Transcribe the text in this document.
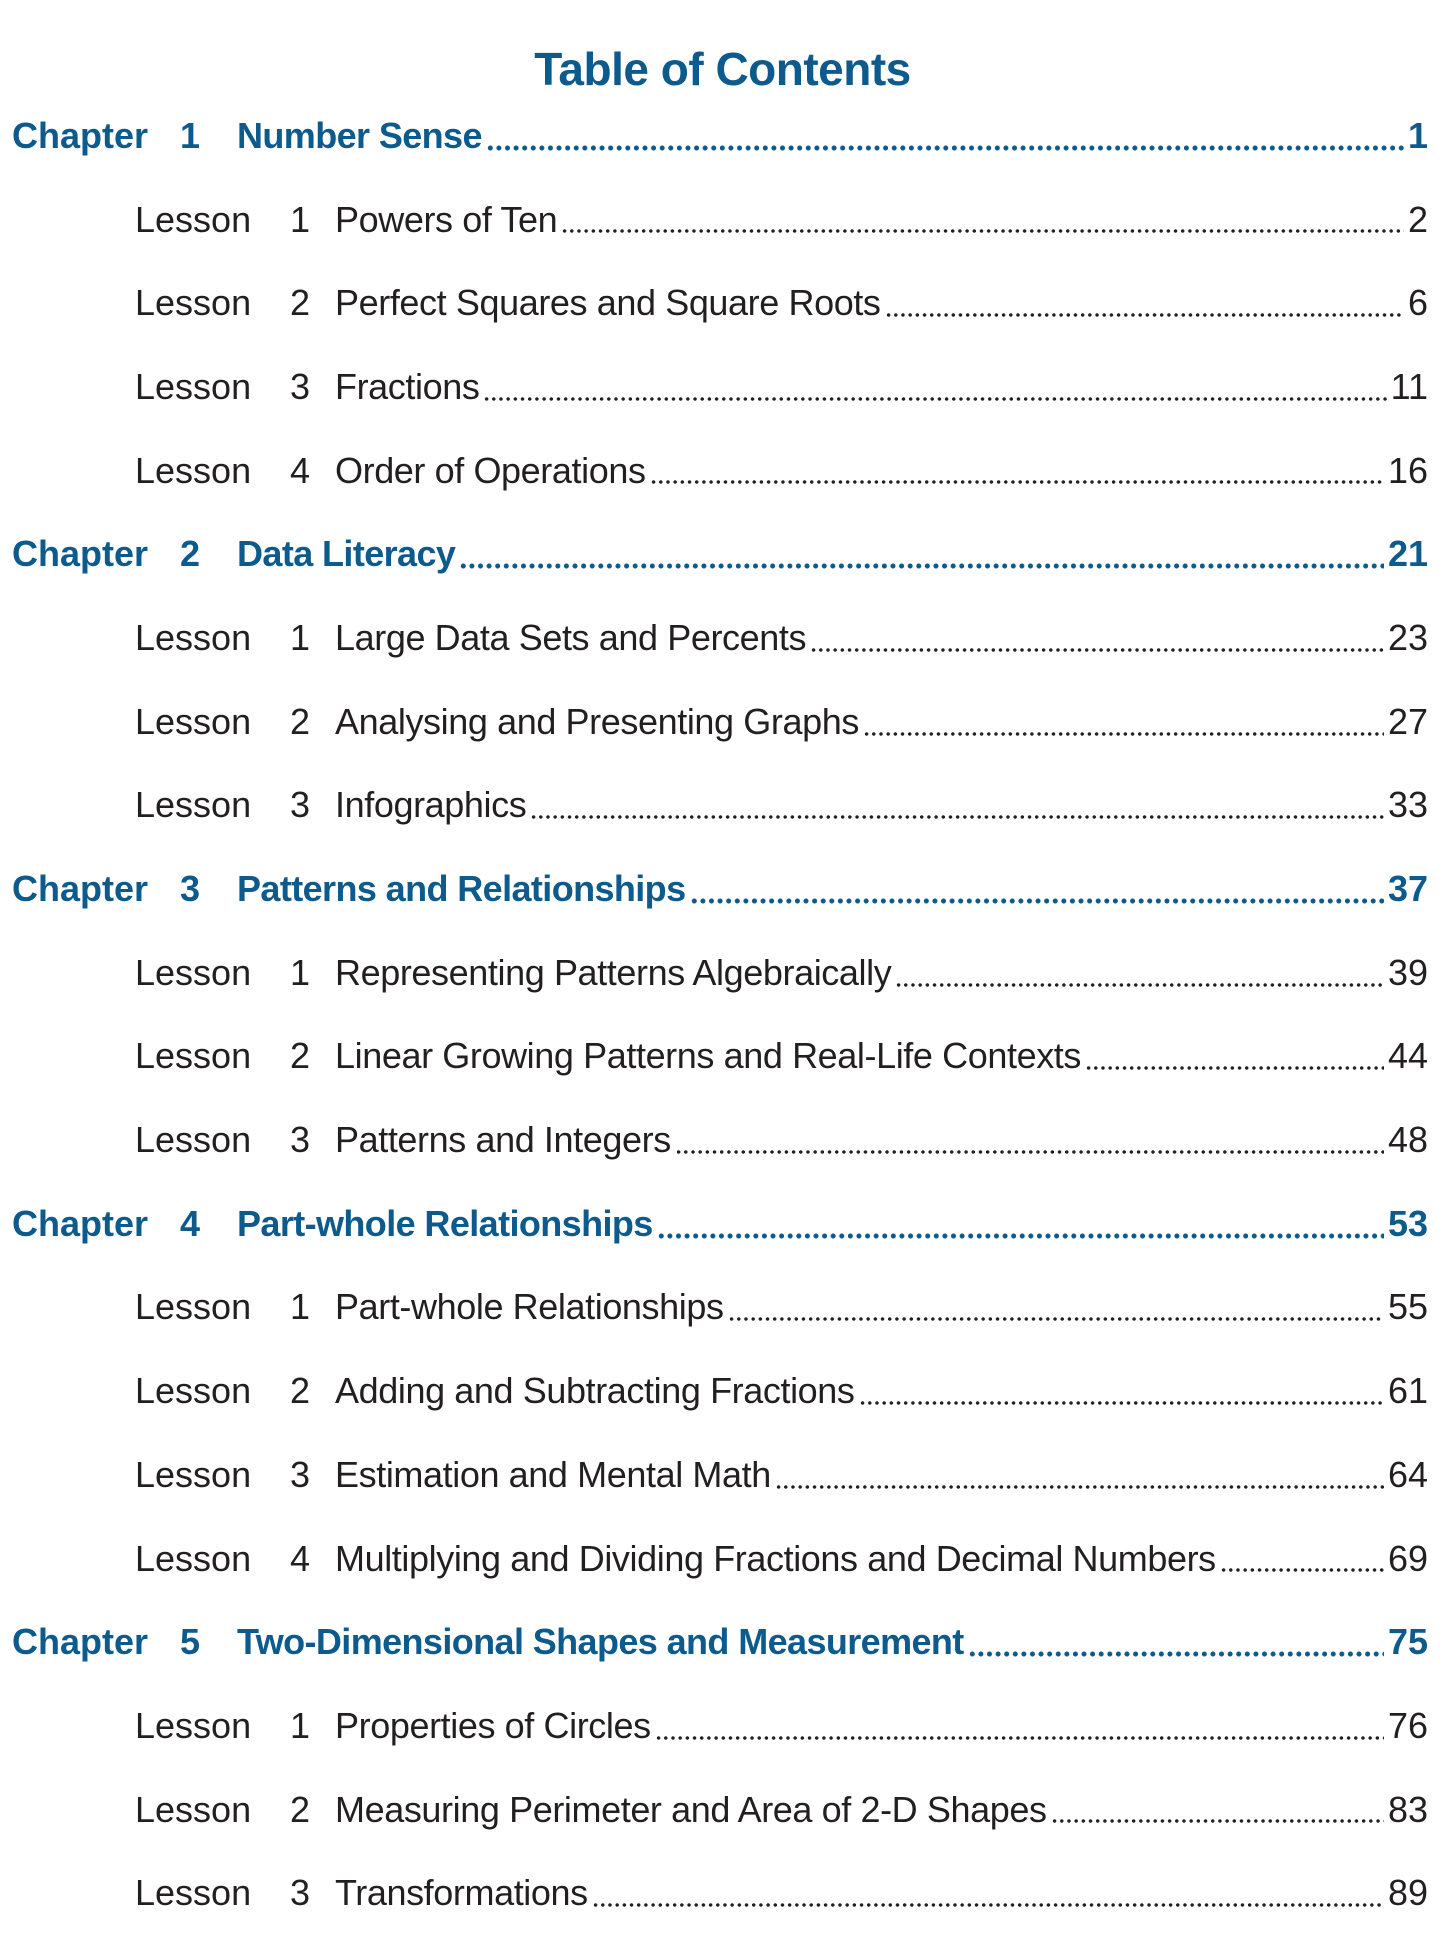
Table of Contents
Chapter 1	Number Sense	1
Lesson 1 Powers of Ten	2
Lesson 2 Perfect Squares and Square Roots	6
Lesson 3 Fractions	11
Lesson 4 Order of Operations	16
Chapter 2	Data Literacy	21
Lesson 1 Large Data Sets and Percents	23
Lesson 2 Analysing and Presenting Graphs	27
Lesson 3 Infographics	33
Chapter 3	Patterns and Relationships	37
Lesson 1 Representing Patterns Algebraically	39
Lesson 2 Linear Growing Patterns and Real-Life Contexts	44
Lesson 3 Patterns and Integers	48
Chapter 4	Part-whole Relationships	53
Lesson 1 Part-whole Relationships	55
Lesson 2 Adding and Subtracting Fractions	61
Lesson 3 Estimation and Mental Math	64
Lesson 4 Multiplying and Dividing Fractions and Decimal Numbers	69
Chapter 5	Two-Dimensional Shapes and Measurement	75
Lesson 1 Properties of Circles	76
Lesson 2 Measuring Perimeter and Area of 2-D Shapes	83
Lesson 3 Transformations	89
